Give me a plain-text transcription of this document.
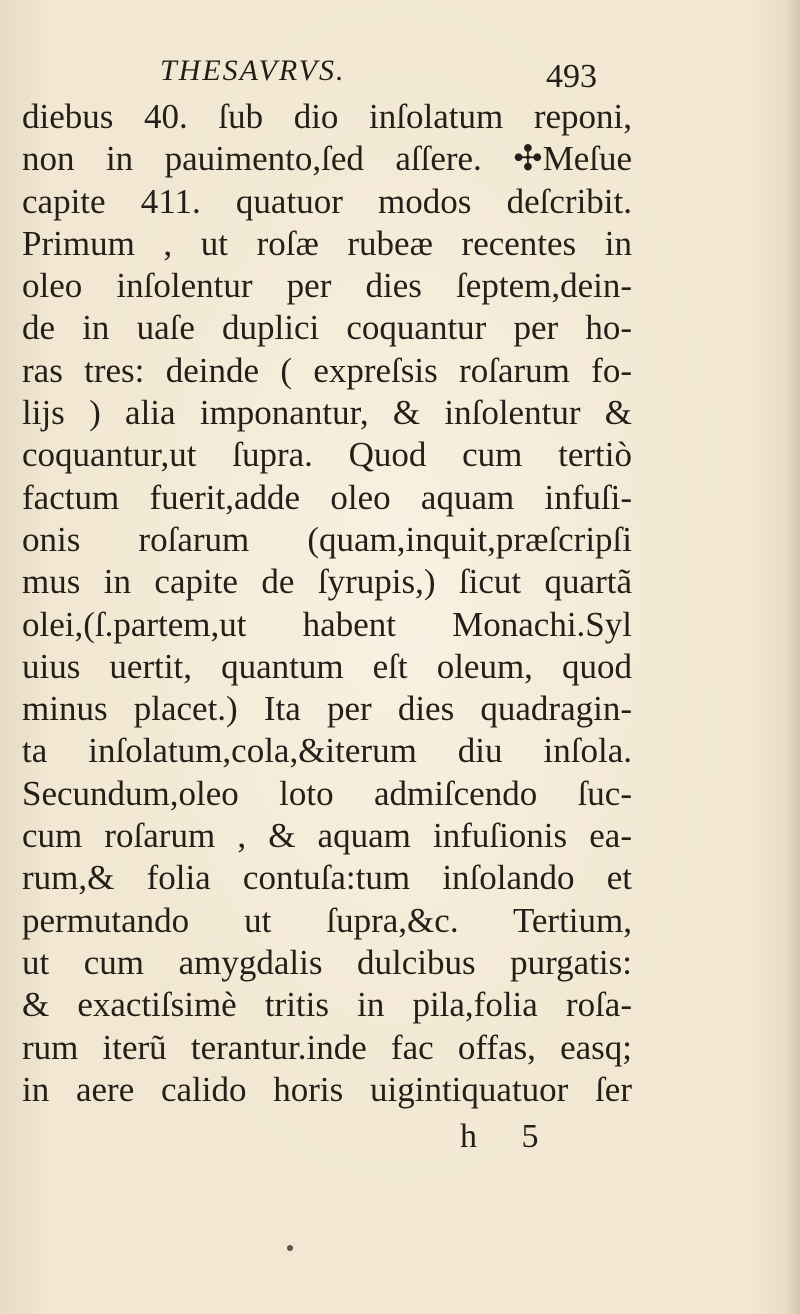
THESAVRVS.	493
diebus 40. ſub dio inſolatum reponi,
non in pauimento,ſed aſſere. ✣Meſue
capite 411. quatuor modos deſcribit.
Primum , ut roſæ rubeæ recentes in
oleo inſolentur per dies ſeptem,dein-
de in uaſe duplici coquantur per ho-
ras tres: deinde ( expreſsis roſarum fo-
lijs ) alia imponantur, & inſolentur &
coquantur,ut ſupra. Quod cum tertiò
factum fuerit,adde oleo aquam infuſi-
onis roſarum (quam,inquit,præſcripſi
mus in capite de ſyrupis,) ſicut quartã
olei,(ſ.partem,ut habent Monachi.Syl
uius uertit, quantum eſt oleum, quod
minus placet.) Ita per dies quadragin-
ta inſolatum,cola,&iterum diu inſola.
Secundum,oleo loto admiſcendo ſuc-
cum roſarum , & aquam infuſionis ea-
rum,& folia contuſa:tum inſolando et
permutando ut ſupra,&c. Tertium,
ut cum amygdalis dulcibus purgatis:
& exactiſsimè tritis in pila,folia roſa-
rum iterũ terantur.inde fac offas, easq;
in aere calido horis uigintiquatuor ſer
h 5
